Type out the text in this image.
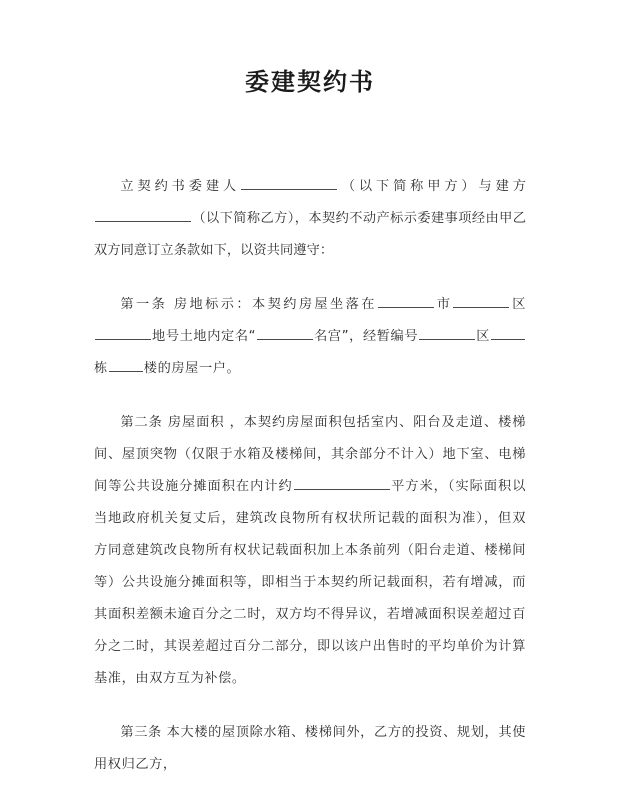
委建契约书

立契约书委建人	（以下简称甲方）与建方（以下简称乙方），本契约不动产标示委建事项经由甲乙双方同意订立条款如下，以资共同遵守：

第一条 房地标示：本契约房屋坐落在	市	区地号土地内定名“	名宫”，经暂编号	区栋	楼的房屋一户。

第二条 房屋面积 ，本契约房屋面积包括室内、阳台及走道、楼梯间、屋顶突物（仅限于水箱及楼梯间，其余部分不计入）地下室、电梯间等公共设施分摊面积在内计约	平方米，（实际面积以当地政府机关复丈后，建筑改良物所有权状所记载的面积为准），但双方同意建筑改良物所有权状记载面积加上本条前列（阳台走道、楼梯间等）公共设施分摊面积等，即相当于本契约所记载面积，若有增减，而其面积差额未逾百分之二时，双方均不得异议，若增减面积误差超过百分之二时，其误差超过百分二部分，即以该户出售时的平均单价为计算基准，由双方互为补偿。

第三条 本大楼的屋顶除水箱、楼梯间外，乙方的投资、规划，其使用权归乙方，
